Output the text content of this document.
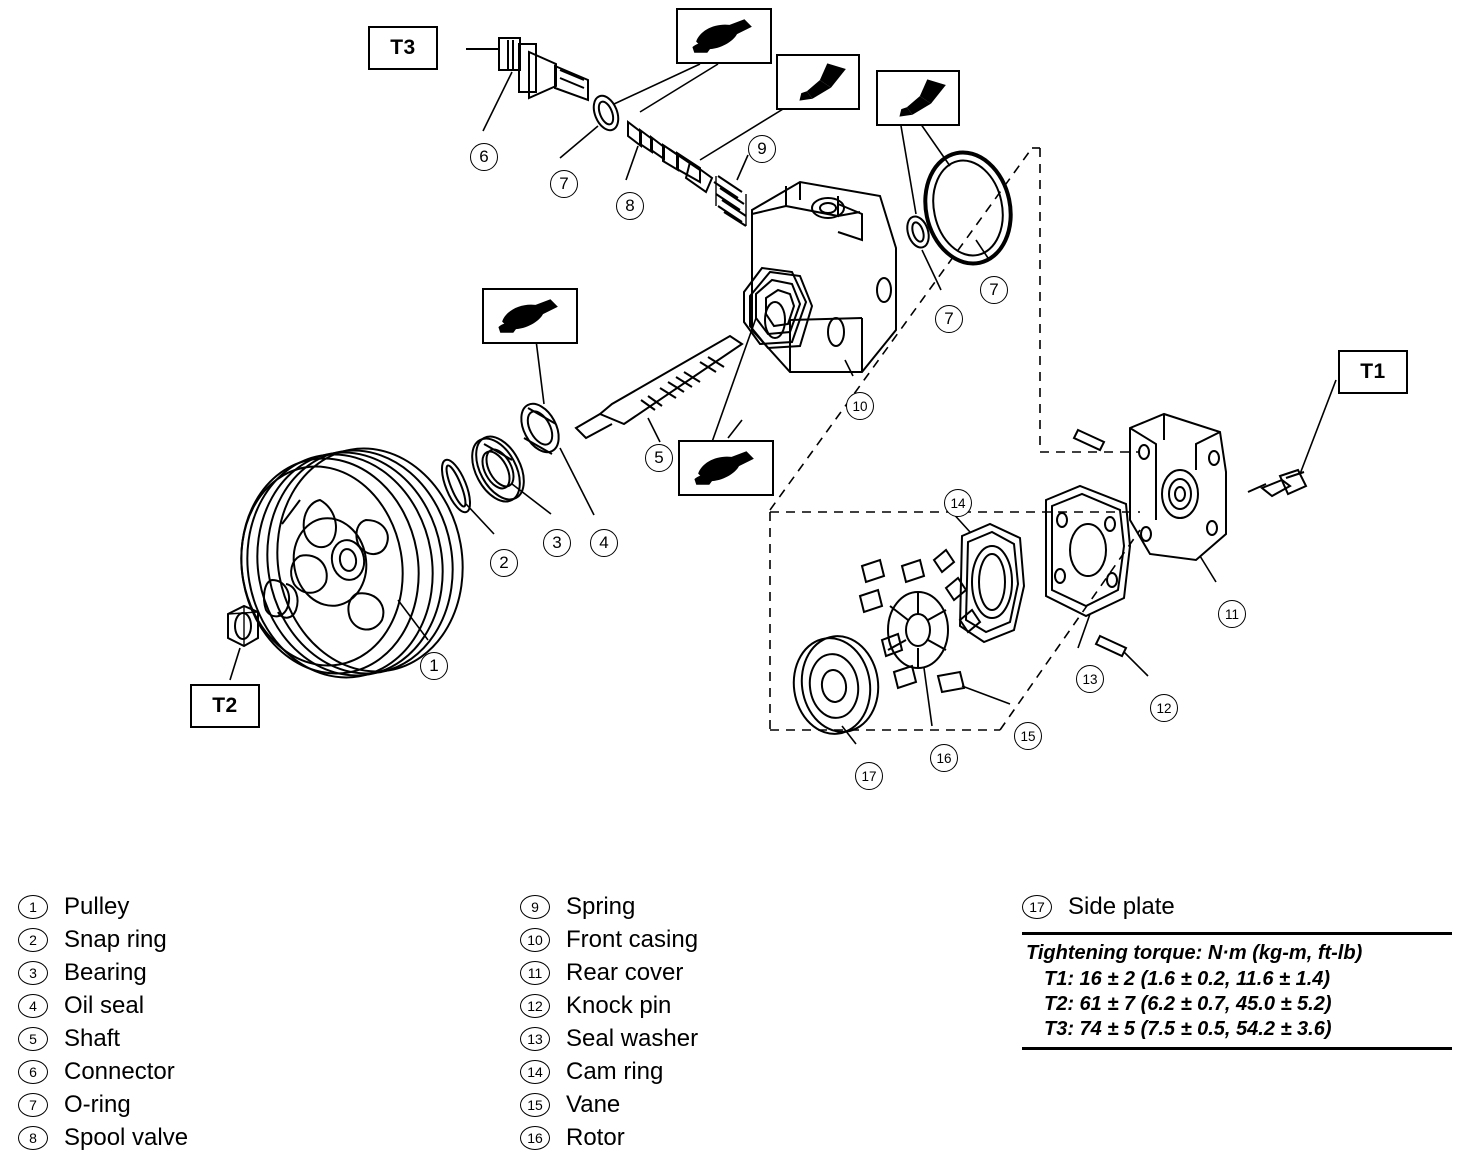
T3
T1
T2
1
2
3	4
5
6
7
7
7
8
9
10
11
12
13
14
15
16
17
1	Pulley
2	Snap ring
3	Bearing
4	Oil seal
5	Shaft
6	Connector
7	O-ring
8	Spool valve
9	Spring
10 Front casing
11 Rear cover
12 Knock pin
13 Seal washer
14 Cam ring
15 Vane
16 Rotor
17 Side plate
Tightening torque: N·m (kg-m, ft-lb)
T1: 16 ± 2 (1.6 ± 0.2, 11.6 ± 1.4)
T2: 61 ± 7 (6.2 ± 0.7, 45.0 ± 5.2)
T3: 74 ± 5 (7.5 ± 0.5, 54.2 ± 3.6)
